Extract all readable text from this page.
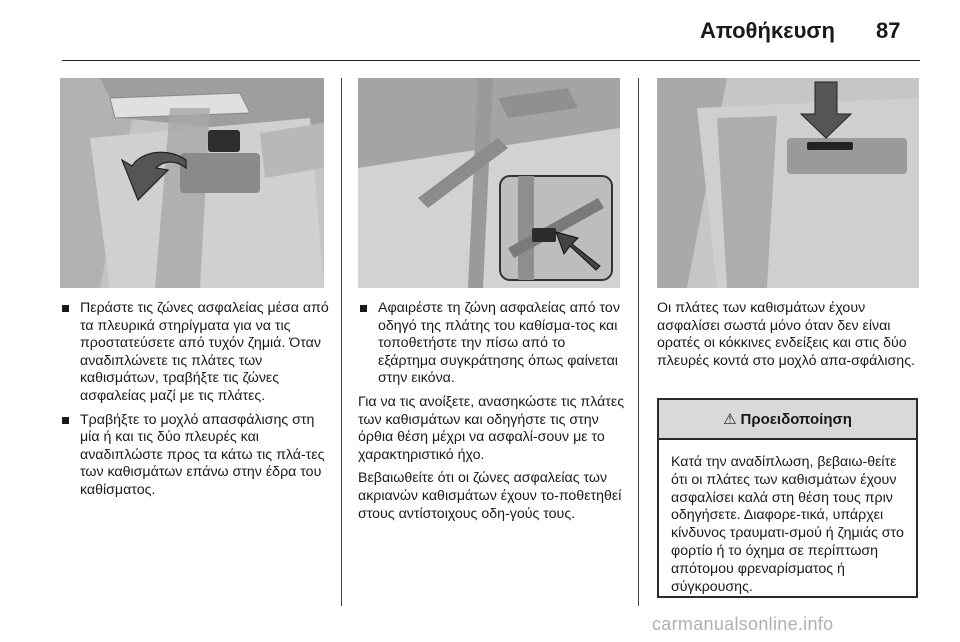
Αποθήκευση 87
Περάστε τις ζώνες ασφαλείας μέσα από τα πλευρικά στηρίγματα για να τις προστατεύσετε από τυχόν ζημιά. Όταν αναδιπλώνετε τις πλάτες των καθισμάτων, τραβήξτε τις ζώνες ασφαλείας μαζί με τις πλάτες.
Τραβήξτε το μοχλό απασφάλισης στη μία ή και τις δύο πλευρές και αναδιπλώστε προς τα κάτω τις πλά-τες των καθισμάτων επάνω στην έδρα του καθίσματος.
Αφαιρέστε τη ζώνη ασφαλείας από τον οδηγό της πλάτης του καθίσμα-τος και τοποθετήστε την πίσω από το εξάρτημα συγκράτησης όπως φαίνεται στην εικόνα.

Για να τις ανοίξετε, ανασηκώστε τις πλάτες των καθισμάτων και οδηγήστε τις στην όρθια θέση μέχρι να ασφαλί-σουν με το χαρακτηριστικό ήχο.

Βεβαιωθείτε ότι οι ζώνες ασφαλείας των ακριανών καθισμάτων έχουν το-ποθετηθεί στους αντίστοιχους οδη-γούς τους.

Οι πλάτες των καθισμάτων έχουν ασφαλίσει σωστά μόνο όταν δεν είναι ορατές οι κόκκινες ενδείξεις και στις δύο πλευρές κοντά στο μοχλό απα-σφάλισης.

⚠ Προειδοποίηση
Κατά την αναδίπλωση, βεβαιω-θείτε ότι οι πλάτες των καθισμάτων έχουν ασφαλίσει καλά στη θέση τους πριν οδηγήσετε. Διαφορε-τικά, υπάρχει κίνδυνος τραυματι-σμού ή ζημιάς στο φορτίο ή το όχημα σε περίπτωση απότομου φρεναρίσματος ή σύγκρουσης.
carmanualsonline.info
